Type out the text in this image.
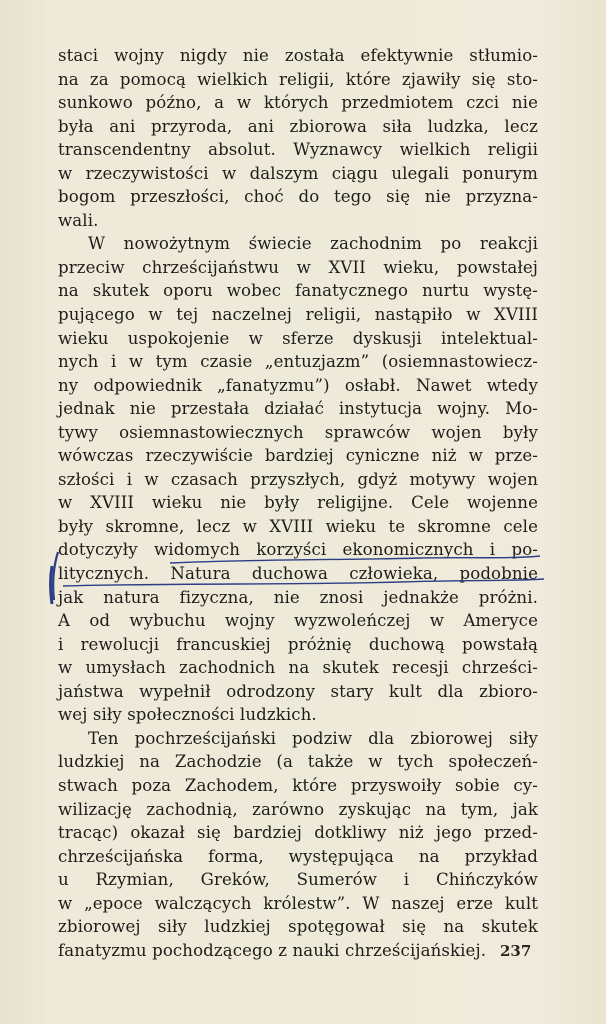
staci wojny nigdy nie została efektywnie stłumio-
na za pomocą wielkich religii, które zjawiły się sto-
sunkowo późno, a w których przedmiotem czci nie
była ani przyroda, ani zbiorowa siła ludzka, lecz
transcendentny absolut. Wyznawcy wielkich religii
w rzeczywistości w dalszym ciągu ulegali ponurym
bogom przeszłości, choć do tego się nie przyzna-
wali.
W nowożytnym świecie zachodnim po reakcji
przeciw chrześcijaństwu w XVII wieku, powstałej
na skutek oporu wobec fanatycznego nurtu wystę-
pującego w tej naczelnej religii, nastąpiło w XVIII
wieku uspokojenie w sferze dyskusji intelektual-
nych i w tym czasie „entuzjazm” (osiemnastowiecz-
ny odpowiednik „fanatyzmu”) osłabł. Nawet wtedy
jednak nie przestała działać instytucja wojny. Mo-
tywy osiemnastowiecznych sprawców wojen były
wówczas rzeczywiście bardziej cyniczne niż w prze-
szłości i w czasach przyszłych, gdyż motywy wojen
w XVIII wieku nie były religijne. Cele wojenne
były skromne, lecz w XVIII wieku te skromne cele
dotyczyły widomych korzyści ekonomicznych i po-
litycznych. Natura duchowa człowieka, podobnie
jak natura fizyczna, nie znosi jednakże próżni.
A od wybuchu wojny wyzwoleńczej w Ameryce
i rewolucji francuskiej próżnię duchową powstałą
w umysłach zachodnich na skutek recesji chrześci-
jaństwa wypełnił odrodzony stary kult dla zbioro-
wej siły społeczności ludzkich.
Ten pochrześcijański podziw dla zbiorowej siły
ludzkiej na Zachodzie (a także w tych społeczeń-
stwach poza Zachodem, które przyswoiły sobie cy-
wilizację zachodnią, zarówno zyskując na tym, jak
tracąc) okazał się bardziej dotkliwy niż jego przed-
chrześcijańska forma, występująca na przykład
u Rzymian, Greków, Sumerów i Chińczyków
w „epoce walczących królestw”. W naszej erze kult
zbiorowej siły ludzkiej spotęgował się na skutek
fanatyzmu pochodzącego z nauki chrześcijańskiej. 237
